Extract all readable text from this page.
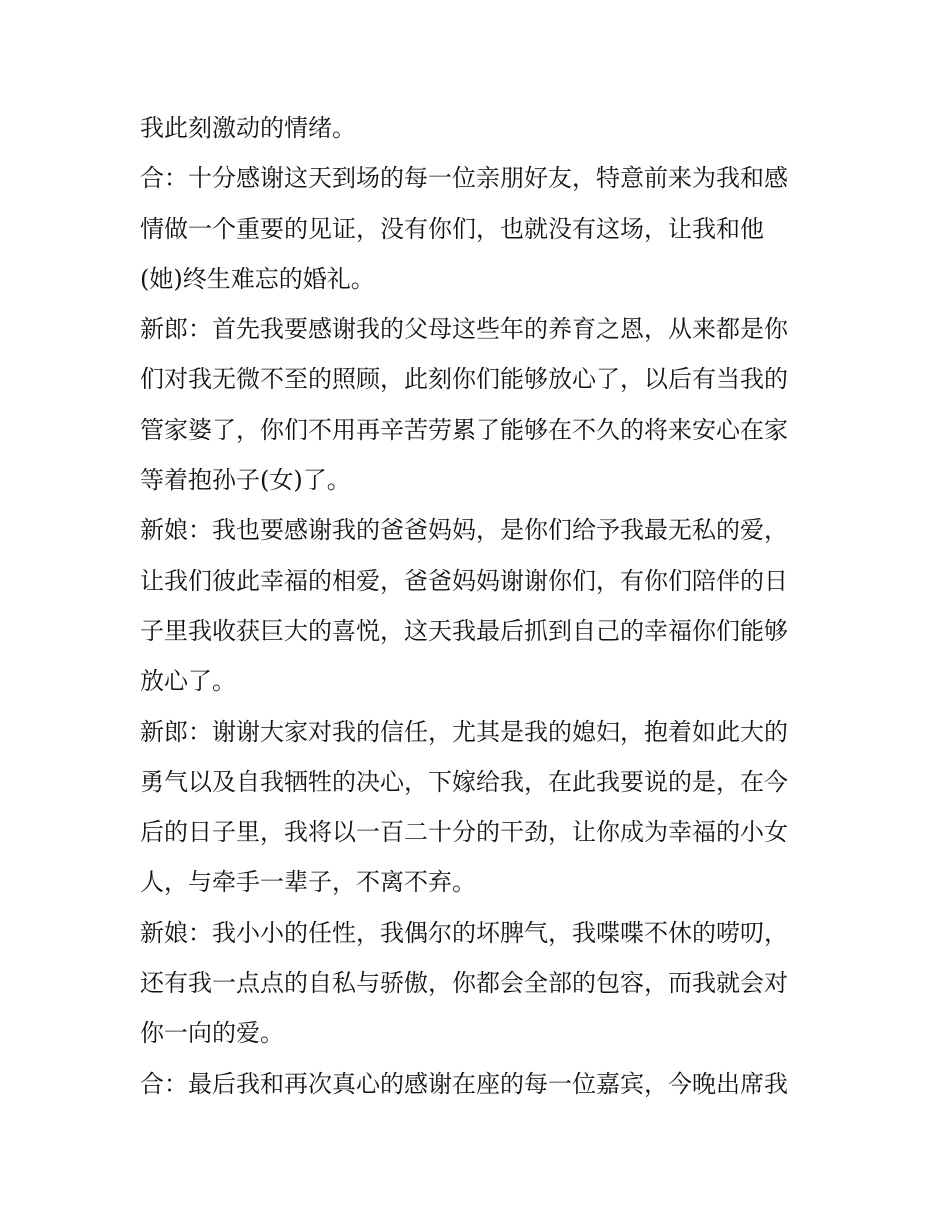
我此刻激动的情绪。
合：十分感谢这天到场的每一位亲朋好友，特意前来为我和感
情做一个重要的见证，没有你们，也就没有这场，让我和他
(她)终生难忘的婚礼。
新郎：首先我要感谢我的父母这些年的养育之恩，从来都是你
们对我无微不至的照顾，此刻你们能够放心了，以后有当我的
管家婆了，你们不用再辛苦劳累了能够在不久的将来安心在家
等着抱孙子(女)了。
新娘：我也要感谢我的爸爸妈妈，是你们给予我最无私的爱，
让我们彼此幸福的相爱，爸爸妈妈谢谢你们，有你们陪伴的日
子里我收获巨大的喜悦，这天我最后抓到自己的幸福你们能够
放心了。
新郎：谢谢大家对我的信任，尤其是我的媳妇，抱着如此大的
勇气以及自我牺牲的决心，下嫁给我，在此我要说的是，在今
后的日子里，我将以一百二十分的干劲，让你成为幸福的小女
人，与牵手一辈子，不离不弃。
新娘：我小小的任性，我偶尔的坏脾气，我喋喋不休的唠叨，
还有我一点点的自私与骄傲，你都会全部的包容，而我就会对
你一向的爱。
合：最后我和再次真心的感谢在座的每一位嘉宾，今晚出席我
